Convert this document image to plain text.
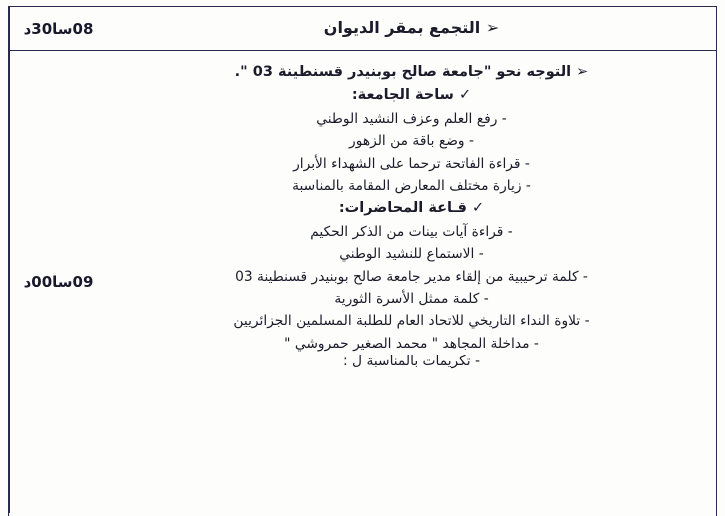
➢ التجمع بمقر الديوان
08سا30د
➢ التوجه نحو "جامعة صالح بوبنيدر قسنطينة 03 ".
✓ ساحة الجامعة:
- رفع العلم وعزف النشيد الوطني
- وضع باقة من الزهور
- قراءة الفاتحة ترحما على الشهداء الأبرار
- زيارة مختلف المعارض المقامة بالمناسبة
✓ قـاعة المحاضرات:
- قراءة آيات بينات من الذكر الحكيم
- الاستماع للنشيد الوطني
- كلمة ترحيبية من إلقاء مدير جامعة صالح بوبنيدر قسنطينة 03
- كلمة ممثل الأسرة الثورية
- تلاوة النداء التاريخي للاتحاد العام للطلبة المسلمين الجزائريين
- مداخلة المجاهد " محمد الصغير حمروشي "
- تكريمات بالمناسبة ل :
09سا00د
